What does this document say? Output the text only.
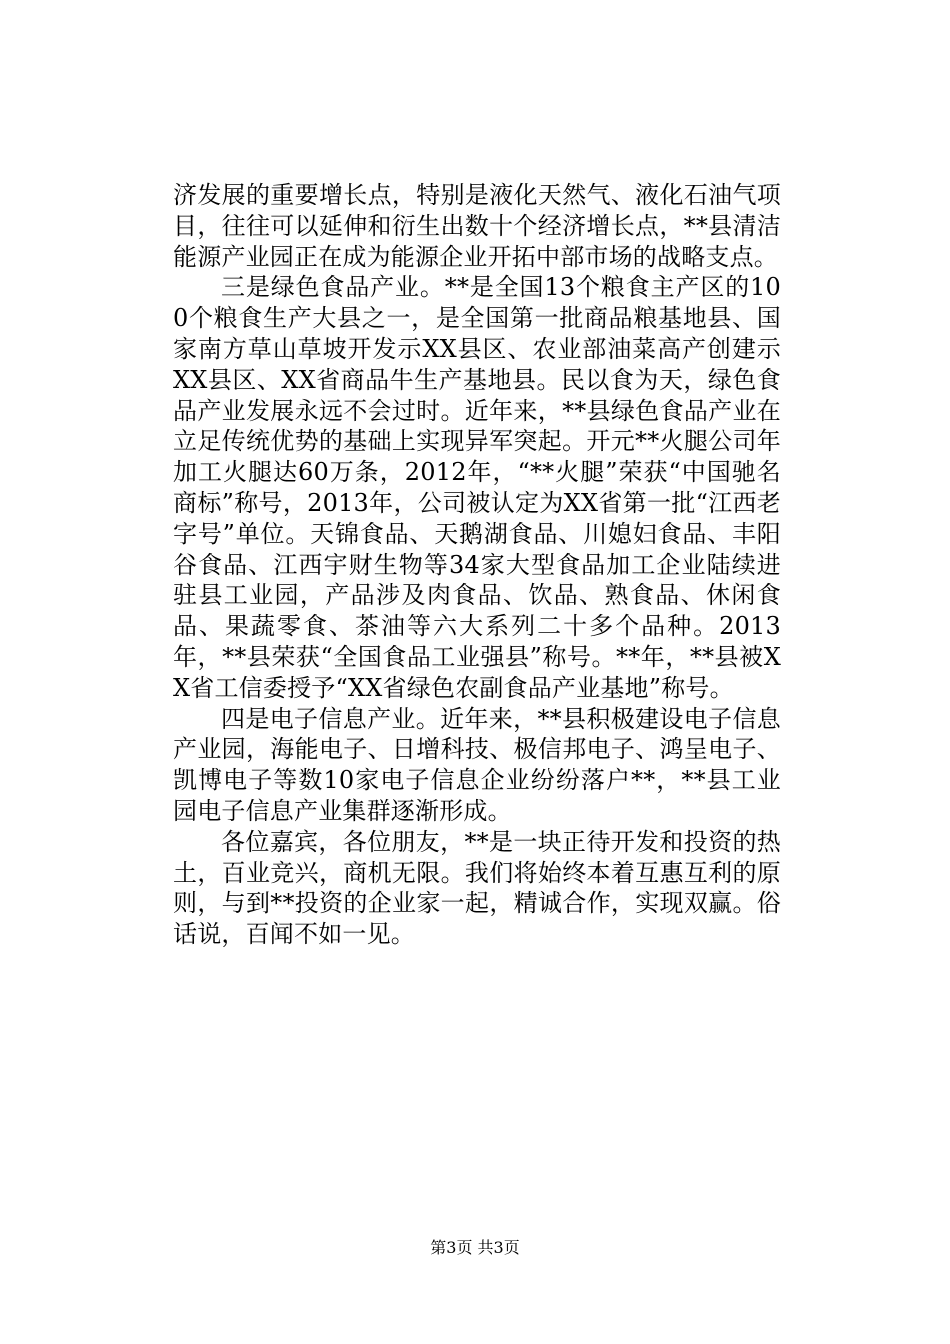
济发展的重要增长点，特别是液化天然气、液化石油气项目，往往可以延伸和衍生出数十个经济增长点，**县清洁能源产业园正在成为能源企业开拓中部市场的战略支点。

三是绿色食品产业。**是全国13个粮食主产区的100个粮食生产大县之一，是全国第一批商品粮基地县、国家南方草山草坡开发示XX县区、农业部油菜高产创建示XX县区、XX省商品牛生产基地县。民以食为天，绿色食品产业发展永远不会过时。近年来，**县绿色食品产业在立足传统优势的基础上实现异军突起。开元**火腿公司年加工火腿达60万条，2012年，“**火腿”荣获“中国驰名商标”称号，2013年，公司被认定为XX省第一批“江西老字号”单位。天锦食品、天鹅湖食品、川媳妇食品、丰阳谷食品、江西宇财生物等34家大型食品加工企业陆续进驻县工业园，产品涉及肉食品、饮品、熟食品、休闲食品、果蔬零食、茶油等六大系列二十多个品种。2013年，**县荣获“全国食品工业强县”称号。**年，**县被XX省工信委授予“XX省绿色农副食品产业基地”称号。

四是电子信息产业。近年来，**县积极建设电子信息产业园，海能电子、日增科技、极信邦电子、鸿呈电子、凯博电子等数10家电子信息企业纷纷落户**，**县工业园电子信息产业集群逐渐形成。

各位嘉宾，各位朋友，**是一块正待开发和投资的热土，百业竞兴，商机无限。我们将始终本着互惠互利的原则，与到**投资的企业家一起，精诚合作，实现双赢。俗话说，百闻不如一见。

第3页 共3页
